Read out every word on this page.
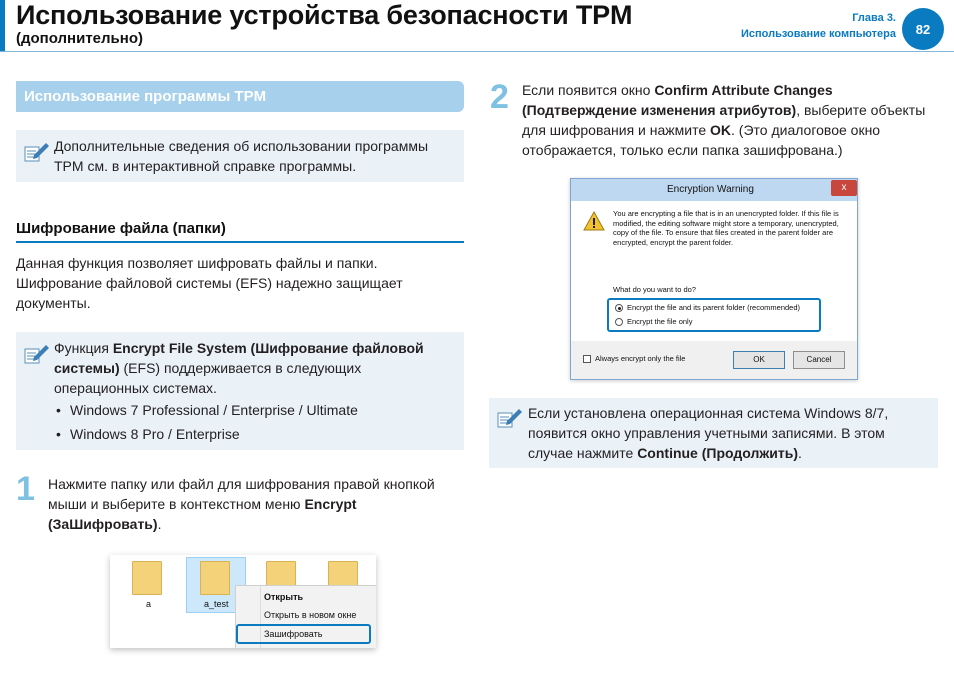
Использование устройства безопасности TPM
(дополнительно)
Глава 3.
Использование компьютера	82
Использование программы TPM
Дополнительные сведения об использовании программы TPM см. в интерактивной справке программы.
Шифрование файла (папки)
Данная функция позволяет шифровать файлы и папки. Шифрование файловой системы (EFS) надежно защищает документы.
Функция Encrypt File System (Шифрование файловой системы) (EFS) поддерживается в следующих операционных системах.
• Windows 7 Professional / Enterprise / Ultimate
• Windows 8 Pro / Enterprise
1 Нажмите папку или файл для шифрования правой кнопкой мыши и выберите в контекстном меню Encrypt (ЗаШифровать).
a	a_test
Открыть
Открыть в новом окне
Зашифровать
2 Если появится окно Confirm Attribute Changes (Подтверждение изменения атрибутов), выберите объекты для шифрования и нажмите OK. (Это диалоговое окно отображается, только если папка зашифрована.)
Encryption Warning	x
You are encrypting a file that is in an unencrypted folder. If this file is modified, the editing software might store a temporary, unencrypted, copy of the file. To ensure that files created in the parent folder are encrypted, encrypt the parent folder.
What do you want to do?
Encrypt the file and its parent folder (recommended)
Encrypt the file only
Always encrypt only the file	OK	Cancel
Если установлена операционная система Windows 8/7, появится окно управления учетными записями. В этом случае нажмите Continue (Продолжить).
